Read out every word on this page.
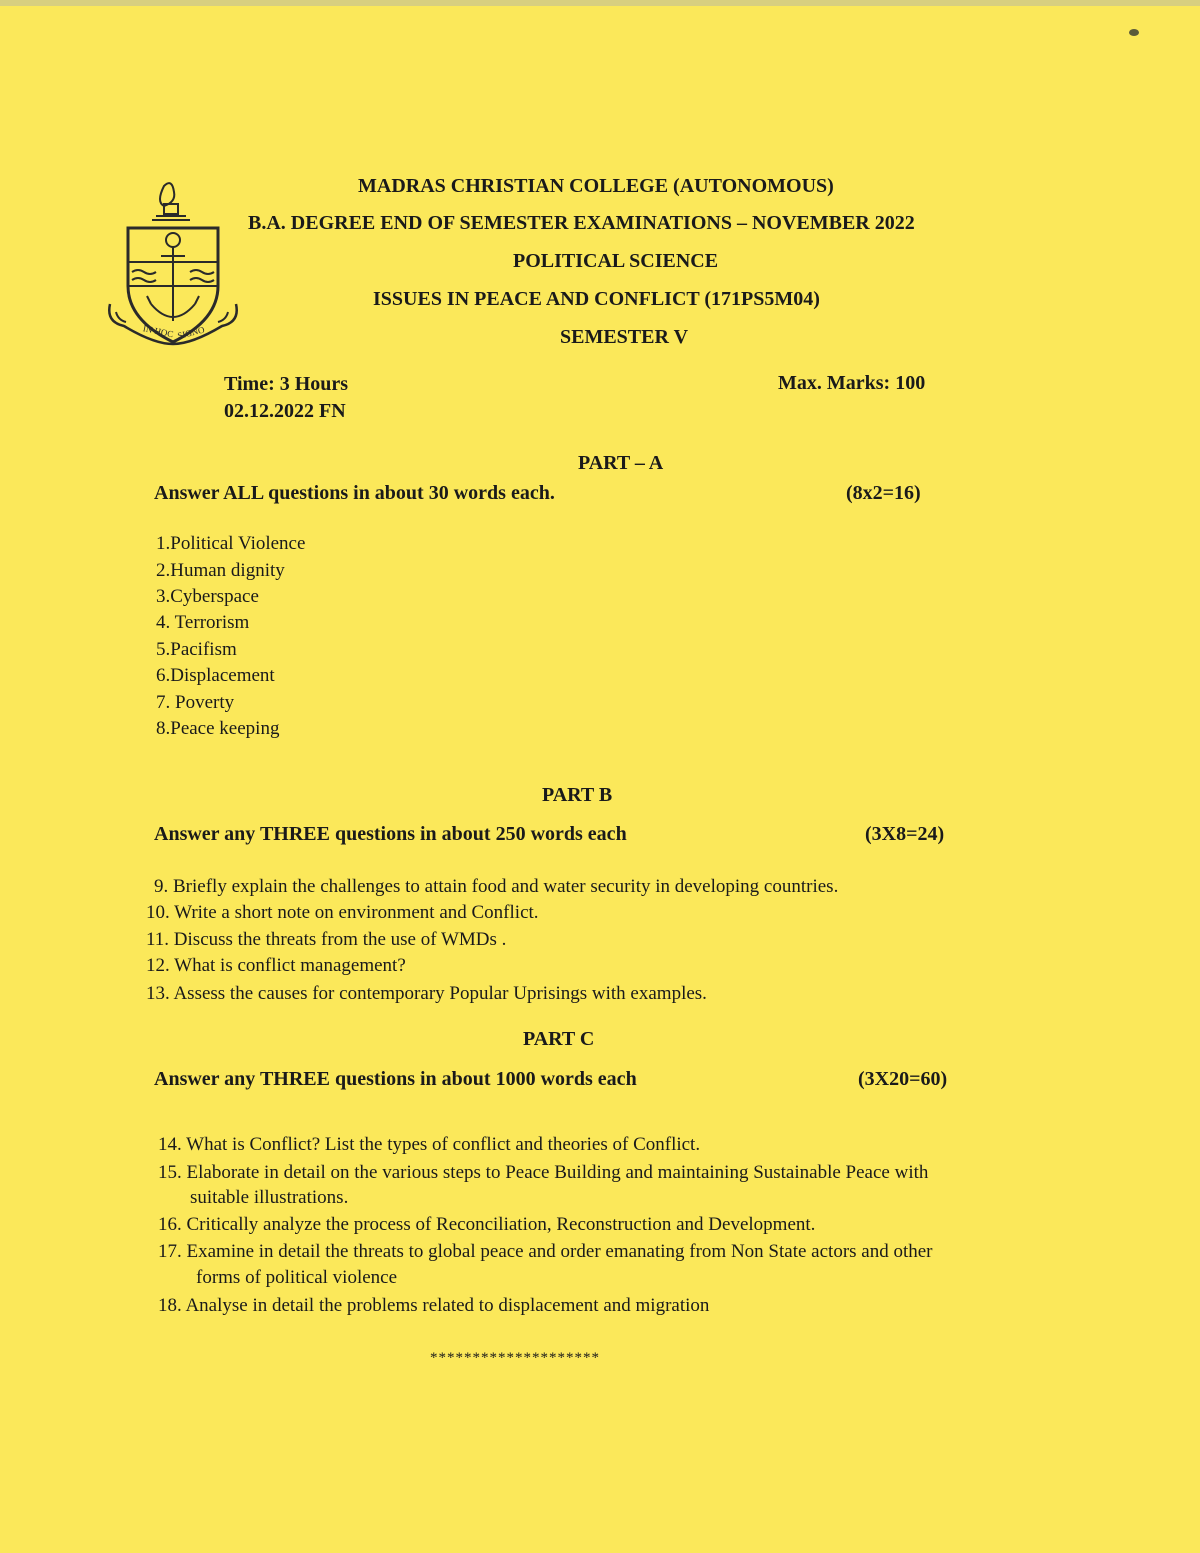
IN HOC SIGNO
MADRAS CHRISTIAN COLLEGE (AUTONOMOUS)
B.A. DEGREE END OF SEMESTER EXAMINATIONS – NOVEMBER 2022
POLITICAL SCIENCE
ISSUES IN PEACE AND CONFLICT (171PS5M04)
SEMESTER V
Time: 3 Hours
02.12.2022 FN
Max. Marks: 100
PART – A
Answer ALL questions in about 30 words each.	(8x2=16)
1.Political Violence
2.Human dignity
3.Cyberspace
4. Terrorism
5.Pacifism
6.Displacement
7. Poverty
8.Peace keeping
PART B
Answer any THREE questions in about 250 words each	(3X8=24)
9. Briefly explain the challenges to attain food and water security in developing countries.
10. Write a short note on environment and Conflict.
11. Discuss the threats from the use of WMDs .
12. What is conflict management?
13. Assess the causes for contemporary Popular Uprisings with examples.
PART C
Answer any THREE questions in about 1000 words each	(3X20=60)
14. What is Conflict? List the types of conflict and theories of Conflict.
15. Elaborate in detail on the various steps to Peace Building and maintaining Sustainable Peace with
suitable illustrations.
16. Critically analyze the process of Reconciliation, Reconstruction and Development.
17. Examine in detail the threats to global peace and order emanating from Non State actors and other
forms of political violence
18. Analyse in detail the problems related to displacement and migration
********************
